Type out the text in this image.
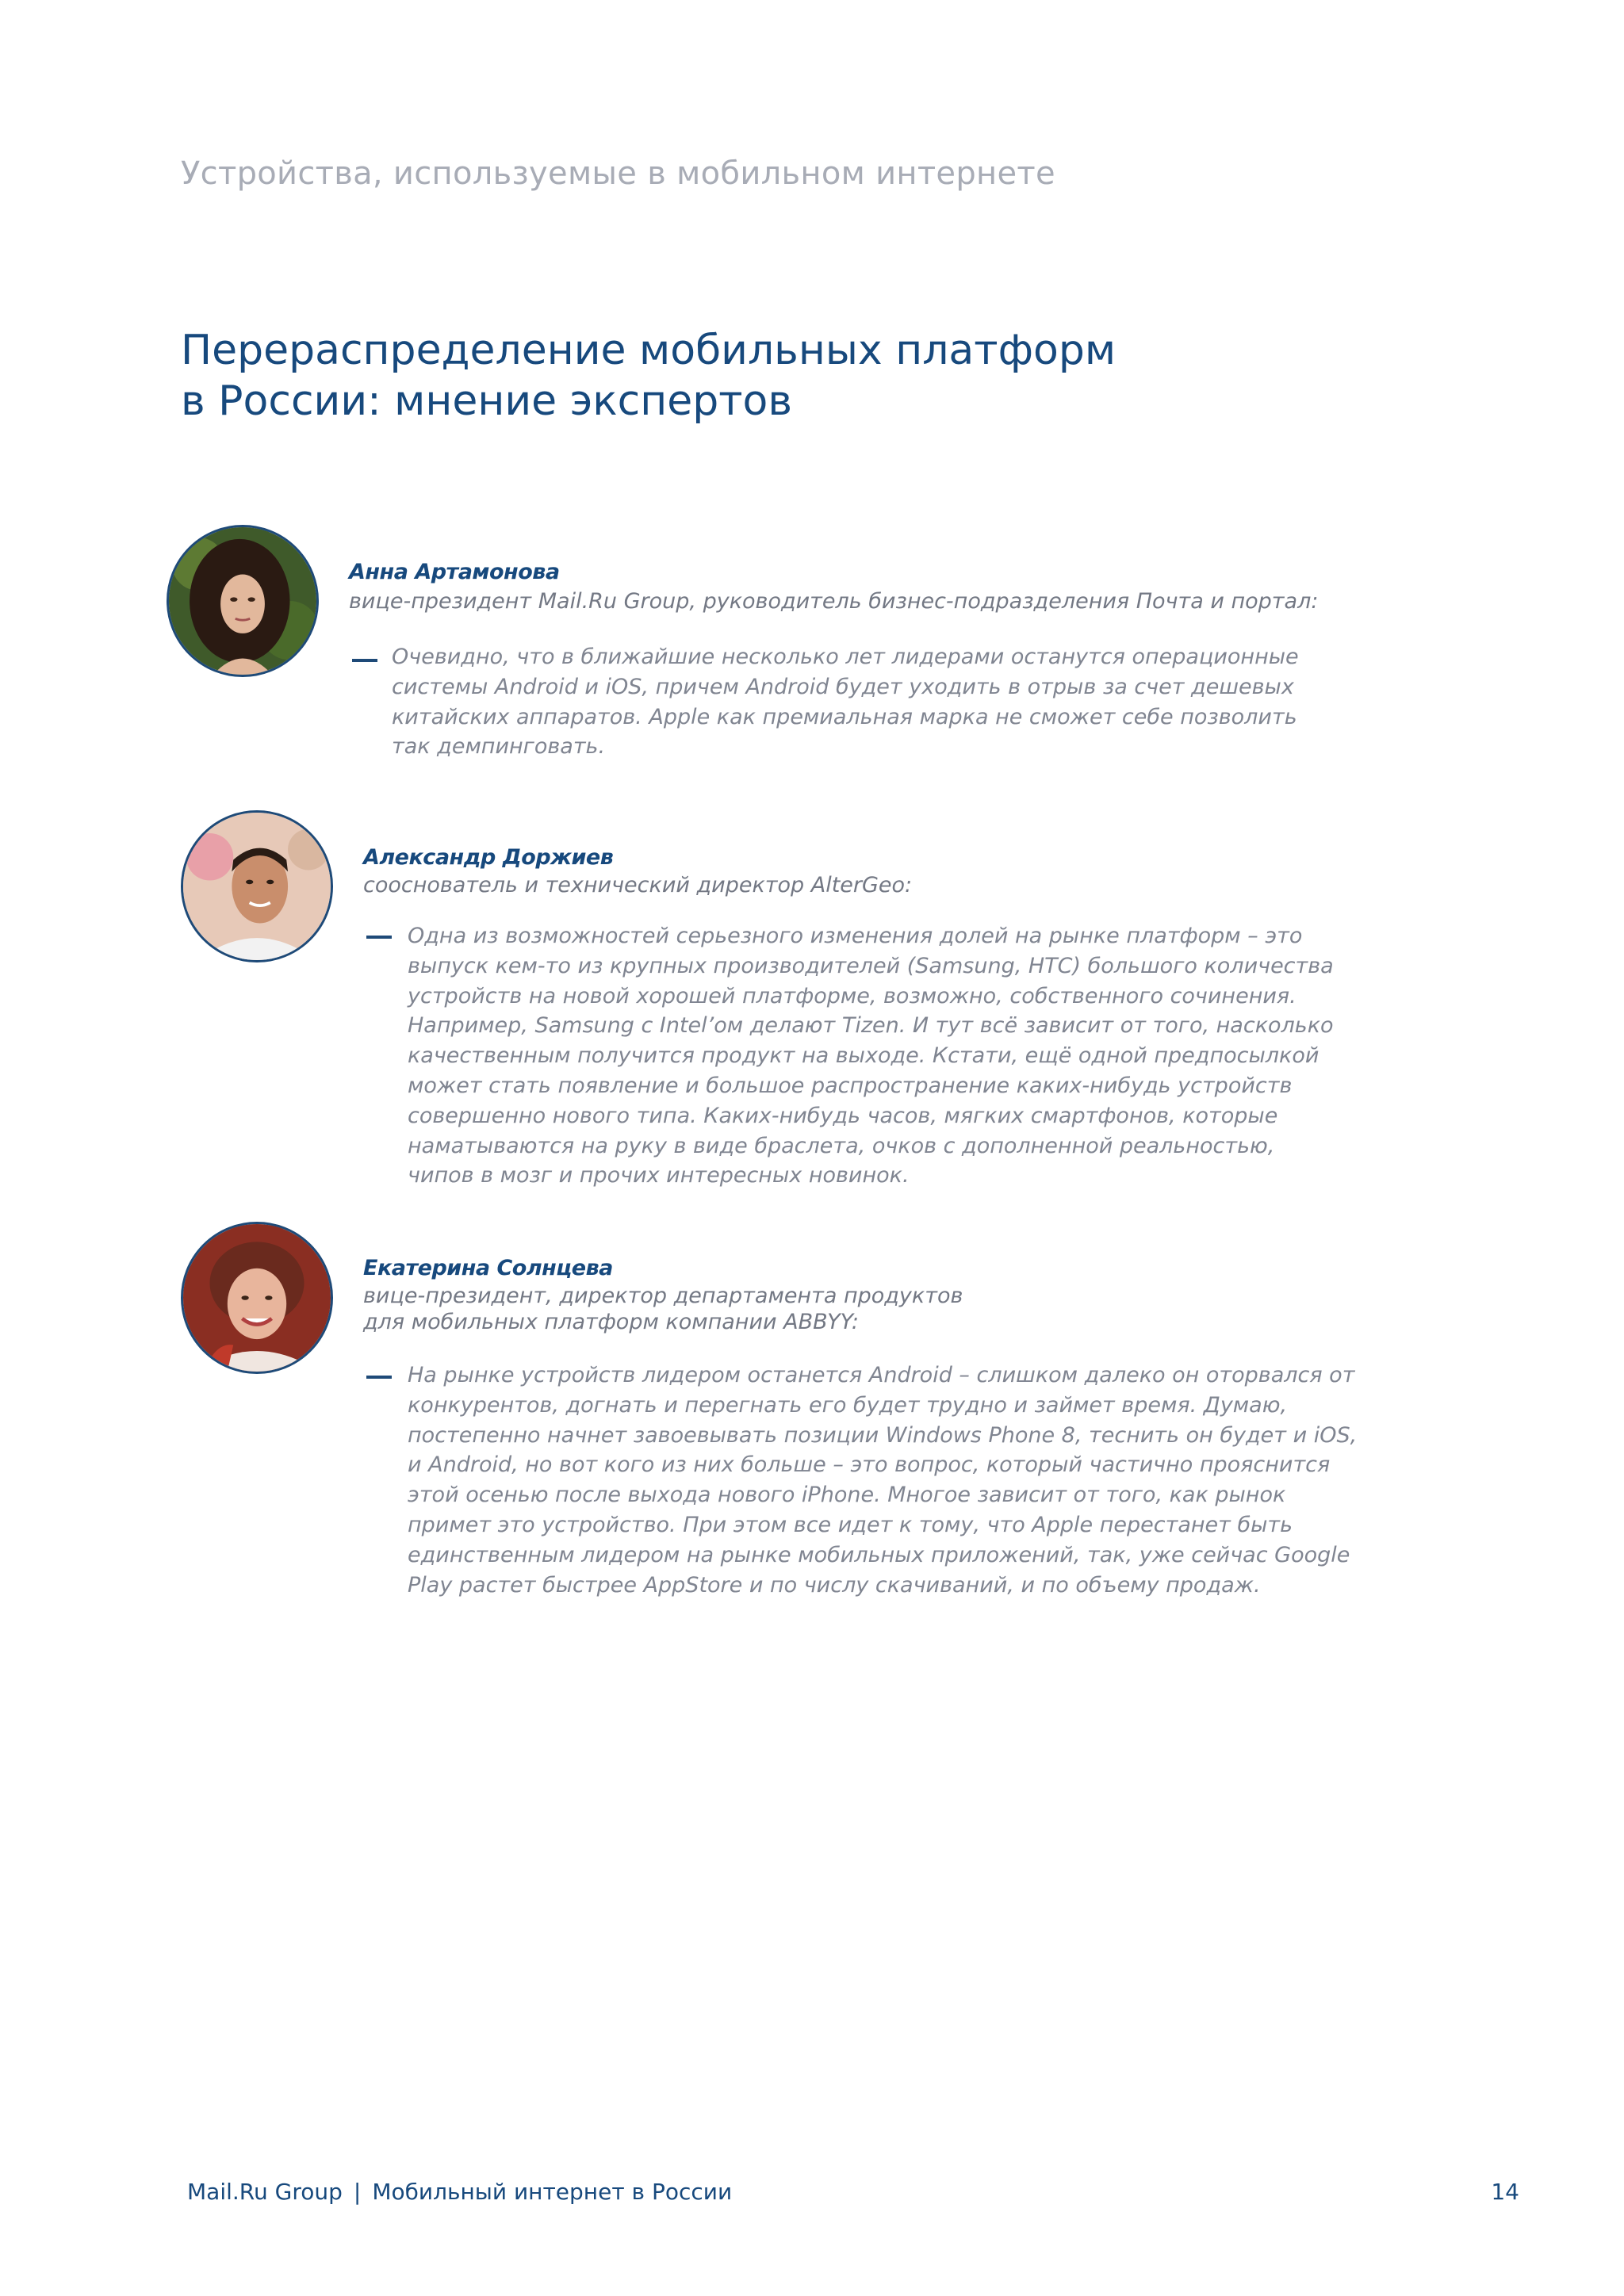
Устройства, используемые в мобильном интернете
Перераспределение мобильных платформ
в России: мнение экспертов
Анна Артамонова
вице-президент Mail.Ru Group, руководитель бизнес-подразделения Почта и портал:
Очевидно, что в ближайшие несколько лет лидерами останутся операционные
системы Android и iOS, причем Android будет уходить в отрыв за счет дешевых
китайских аппаратов. Apple как премиальная марка не сможет себе позволить
так демпинговать.
Александр Доржиев
сооснователь и технический директор AlterGeo:
Одна из возможностей серьезного изменения долей на рынке платформ – это
выпуск кем-то из крупных производителей (Samsung, HTC) большого количества
устройств на новой хорошей платформе, возможно, собственного сочинения.
Например, Samsung с Intel’ом делают Tizen. И тут всё зависит от того, насколько
качественным получится продукт на выходе. Кстати, ещё одной предпосылкой
может стать появление и большое распространение каких-нибудь устройств
совершенно нового типа. Каких-нибудь часов, мягких смартфонов, которые
наматываются на руку в виде браслета, очков с дополненной реальностью,
чипов в мозг и прочих интересных новинок.
Екатерина Солнцева
вице-президент, директор департамента продуктов
для мобильных платформ компании ABBYY:
На рынке устройств лидером останется Android – слишком далеко он оторвался от
конкурентов, догнать и перегнать его будет трудно и займет время. Думаю,
постепенно начнет завоевывать позиции Windows Phone 8, теснить он будет и iOS,
и Android, но вот кого из них больше – это вопрос, который частично прояснится
этой осенью после выхода нового iPhone. Многое зависит от того, как рынок
примет это устройство. При этом все идет к тому, что Apple перестанет быть
единственным лидером на рынке мобильных приложений, так, уже сейчас Google
Play растет быстрее AppStore и по числу скачиваний, и по объему продаж.
Mail.Ru Group | Мобильный интернет в России	14
